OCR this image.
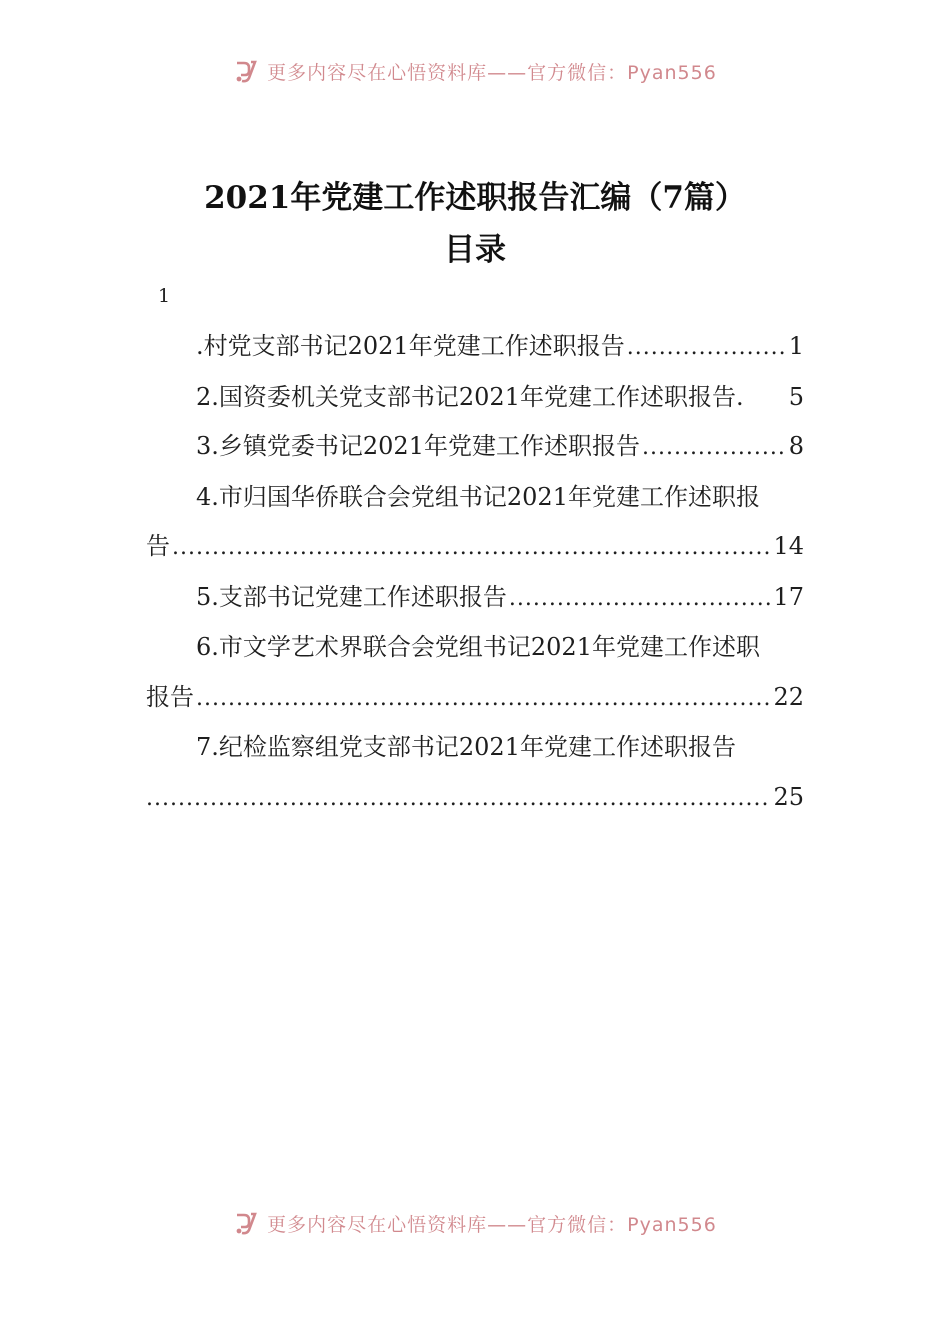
更多内容尽在心悟资料库——官方微信：Pyan556
2021年党建工作述职报告汇编（7篇）
目录
1
.村党支部书记2021年党建工作述职报告 .....	1
2.国资委机关党支部书记2021年党建工作述职报告. 5
3.乡镇党委书记2021年党建工作述职报告 .....	8
4.市归国华侨联合会党组书记2021年党建工作述职报
告 .....	14
5.支部书记党建工作述职报告 .....	17
6.市文学艺术界联合会党组书记2021年党建工作述职
报告 .....	22
7.纪检监察组党支部书记2021年党建工作述职报告
.....
25
更多内容尽在心悟资料库——官方微信：Pyan556
